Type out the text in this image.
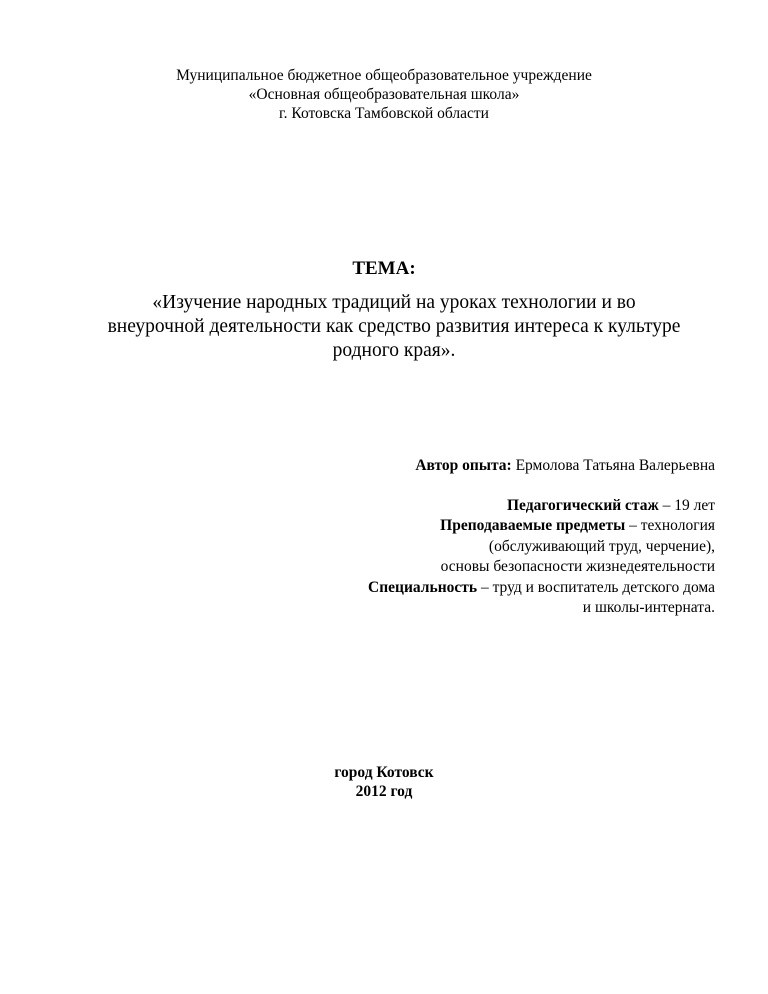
Муниципальное бюджетное общеобразовательное учреждение
«Основная общеобразовательная школа»
г. Котовска Тамбовской области
ТЕМА:
«Изучение народных традиций на уроках технологии и во
внеурочной деятельности как средство развития интереса к культуре
родного края».
Автор опыта: Ермолова Татьяна Валерьевна
Педагогический стаж – 19 лет
Преподаваемые предметы – технология
(обслуживающий труд, черчение),
основы безопасности жизнедеятельности
Специальность – труд и воспитатель детского дома
и школы-интерната.
город Котовск
2012 год
